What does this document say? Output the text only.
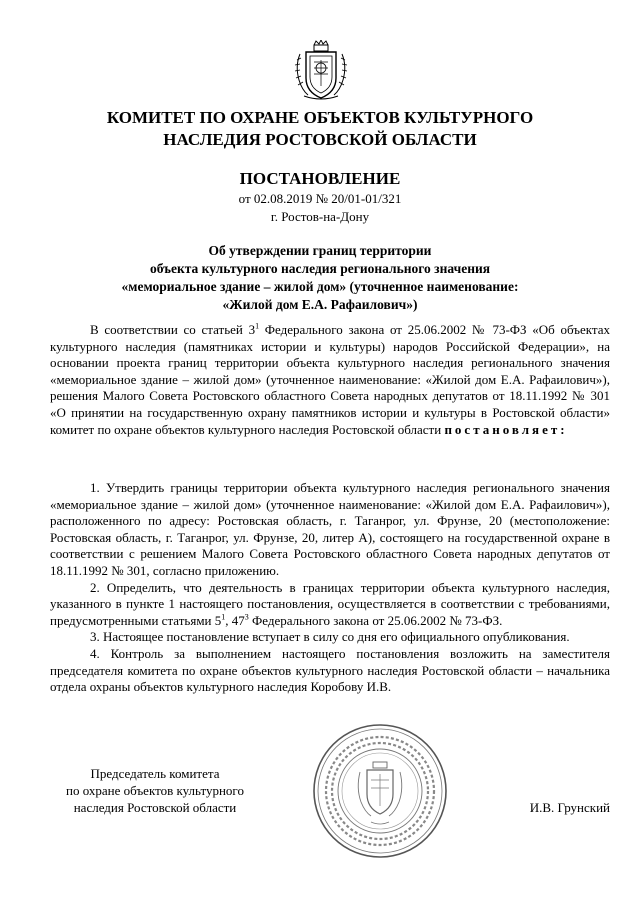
КОМИТЕТ ПО ОХРАНЕ ОБЪЕКТОВ КУЛЬТУРНОГО
НАСЛЕДИЯ РОСТОВСКОЙ ОБЛАСТИ
ПОСТАНОВЛЕНИЕ
от 02.08.2019 № 20/01-01/321
г. Ростов-на-Дону
Об утверждении границ территории
объекта культурного наследия регионального значения
«мемориальное здание – жилой дом» (уточненное наименование:
«Жилой дом Е.А. Рафаилович»)
В соответствии со статьей $3^1$ Федерального закона от 25.06.2002 № 73-ФЗ «Об объектах культурного наследия (памятниках истории и культуры) народов Российской Федерации», на основании проекта границ территории объекта культурного наследия регионального значения «мемориальное здание – жилой дом» (уточненное наименование: «Жилой дом Е.А. Рафаилович»), решения Малого Совета Ростовского областного Совета народных депутатов от 18.11.1992 № 301 «О принятии на государственную охрану памятников истории и культуры в Ростовской области» комитет по охране объектов культурного наследия Ростовской области постановляет:

1. Утвердить границы территории объекта культурного наследия регионального значения «мемориальное здание – жилой дом» (уточненное наименование: «Жилой дом Е.А. Рафаилович»), расположенного по адресу: Ростовская область, г. Таганрог, ул. Фрунзе, 20 (местоположение: Ростовская область, г. Таганрог, ул. Фрунзе, 20, литер А), состоящего на государственной охране в соответствии с решением Малого Совета Ростовского областного Совета народных депутатов от 18.11.1992 № 301, согласно приложению.

2. Определить, что деятельность в границах территории объекта культурного наследия, указанного в пункте 1 настоящего постановления, осуществляется в соответствии с требованиями, предусмотренными статьями $5^1$, $47^3$ Федерального закона от 25.06.2002 № 73-ФЗ.

3. Настоящее постановление вступает в силу со дня его официального опубликования.

4. Контроль за выполнением настоящего постановления возложить на заместителя председателя комитета по охране объектов культурного наследия Ростовской области – начальника отдела охраны объектов культурного наследия Коробову И.В.

Председатель комитета
по охране объектов культурного
наследия Ростовской области	И.В. Грунский
